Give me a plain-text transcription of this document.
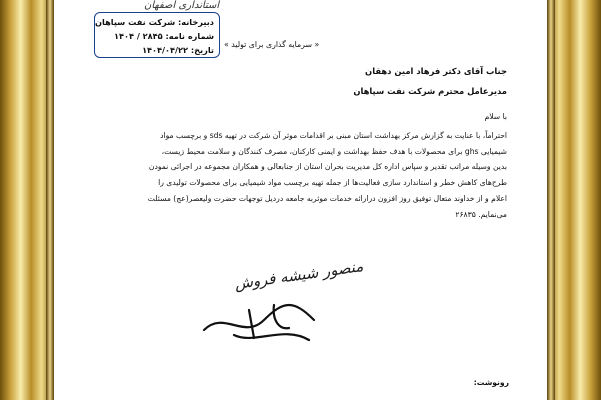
استانداری اصفهان
دبیرخانه: شرکت نفت سپاهان
شماره نامه: ۲۸۴۵ / ۱۴۰۴
تاریخ: ۱۴۰۴/۰۴/۲۲
« سرمایه گذاری برای تولید »
جناب آقای دکتر فرهاد امین دهقان
مدیرعامل محترم شرکت نفت سپاهان
با سلام
احتراماً، با عنایت به گزارش مرکز بهداشت استان مبنی بر اقدامات موثر آن شرکت در تهیه sds و برچسب مواد
شیمیایی ghs برای محصولات با هدف حفظ بهداشت و ایمنی کارکنان، مصرف کنندگان و سلامت محیط زیست،
بدین وسیله مراتب تقدیر و سپاس اداره کل مدیریت بحران استان از جنابعالی و همکاران مجموعه در اجرائی نمودن
طرح‌های کاهش خطر و استاندارد سازی فعالیت‌ها از جمله تهیه برچسب مواد شیمیایی برای محصولات تولیدی را
اعلام و از خداوند متعال توفیق روز افزون درارائه خدمات موثربه جامعه دردیل توجهات حضرت ولیعصر(عج) مسئلت
می‌نمایم. ۲۶۸۳۵
منصور شیشه فروش
رونوشت:
